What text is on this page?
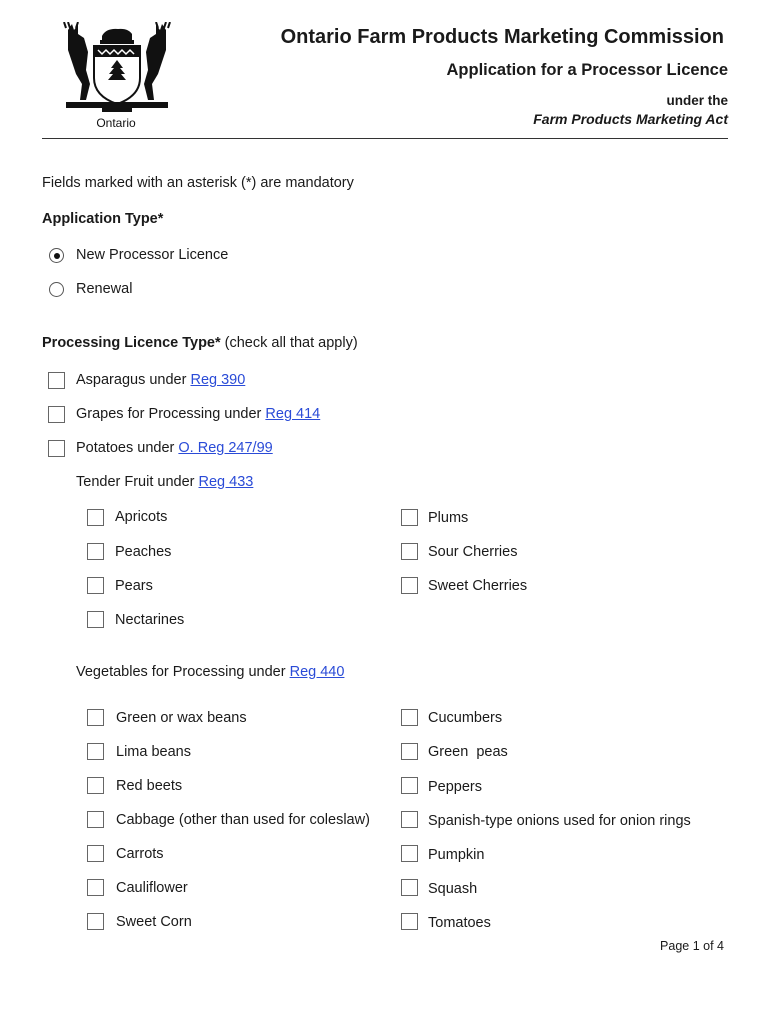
Ontario
Ontario Farm Products Marketing Commission
Application for a Processor Licence
under the
Farm Products Marketing Act
Fields marked with an asterisk (*) are mandatory
Application Type*
New Processor Licence
Renewal
Processing Licence Type* (check all that apply)
Asparagus under Reg 390
Grapes for Processing under Reg 414
Potatoes under O. Reg 247/99
Tender Fruit under Reg 433
Apricots
Peaches
Pears
Nectarines
Plums
Sour Cherries
Sweet Cherries
Vegetables for Processing under Reg 440
Green or wax beans
Lima beans
Red beets
Cabbage (other than used for coleslaw)
Carrots
Cauliflower
Sweet Corn
Cucumbers
Green  peas
Peppers
Spanish-type onions used for onion rings
Pumpkin
Squash
Tomatoes
Page 1 of 4
